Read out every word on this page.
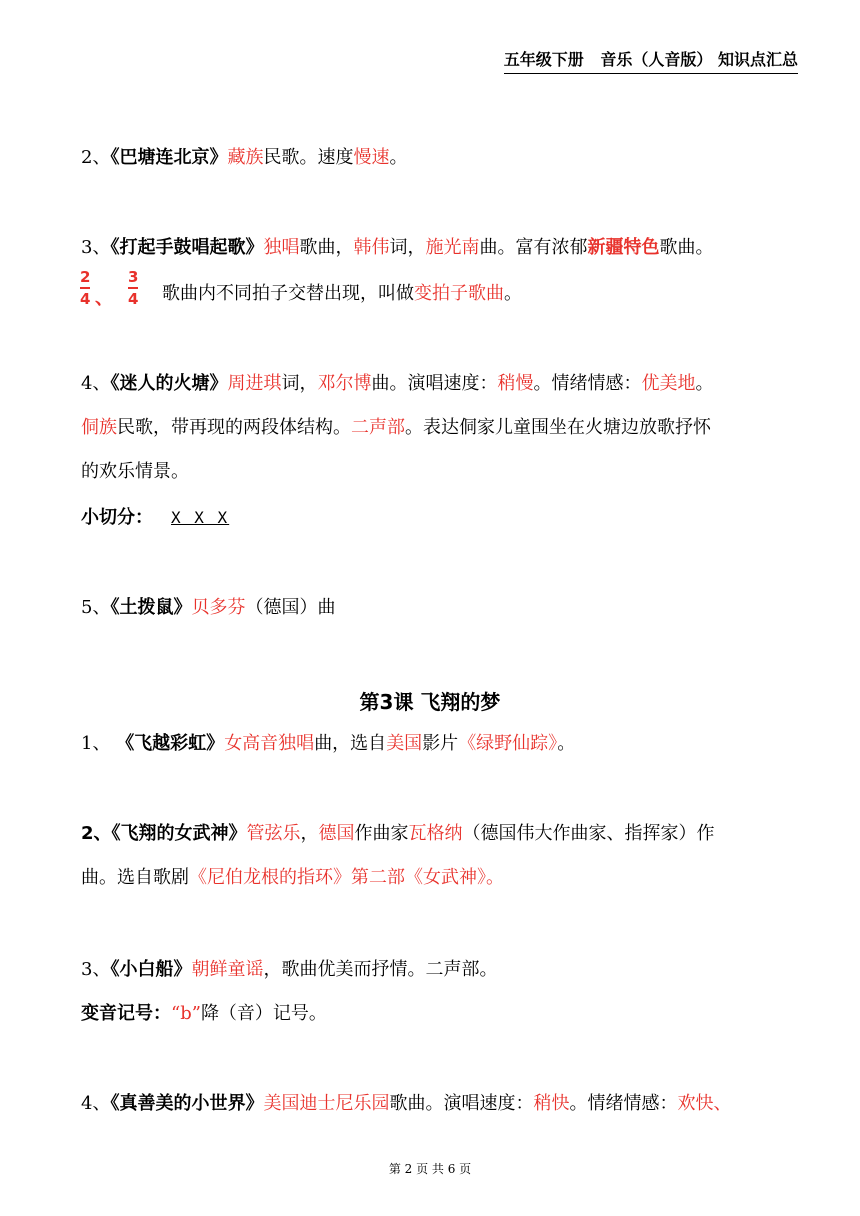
五年级下册   音乐（人音版） 知识点汇总
2、《巴塘连北京》藏族民歌。速度慢速。
3、《打起手鼓唱起歌》独唱歌曲，韩伟词，施光南曲。富有浓郁新疆特色歌曲。
2
4 、
3
4 歌曲内不同拍子交替出现，叫做变拍子歌曲。
4、《迷人的火塘》周进琪词，邓尔博曲。演唱速度：稍慢。情绪情感：优美地。
侗族民歌，带再现的两段体结构。二声部。表达侗家儿童围坐在火塘边放歌抒怀
的欢乐情景。
小切分： X X X
5、《土拨鼠》贝多芬（德国）曲
第3课 飞翔的梦
1、 《飞越彩虹》女高音独唱曲，选自美国影片《绿野仙踪》。
2、《飞翔的女武神》管弦乐，德国作曲家瓦格纳（德国伟大作曲家、指挥家）作
曲。选自歌剧《尼伯龙根的指环》第二部《女武神》。
3、《小白船》朝鲜童谣，歌曲优美而抒情。二声部。
变音记号：“b”降（音）记号。
4、《真善美的小世界》美国迪士尼乐园歌曲。演唱速度：稍快。情绪情感：欢快、
第 2 页 共 6 页
